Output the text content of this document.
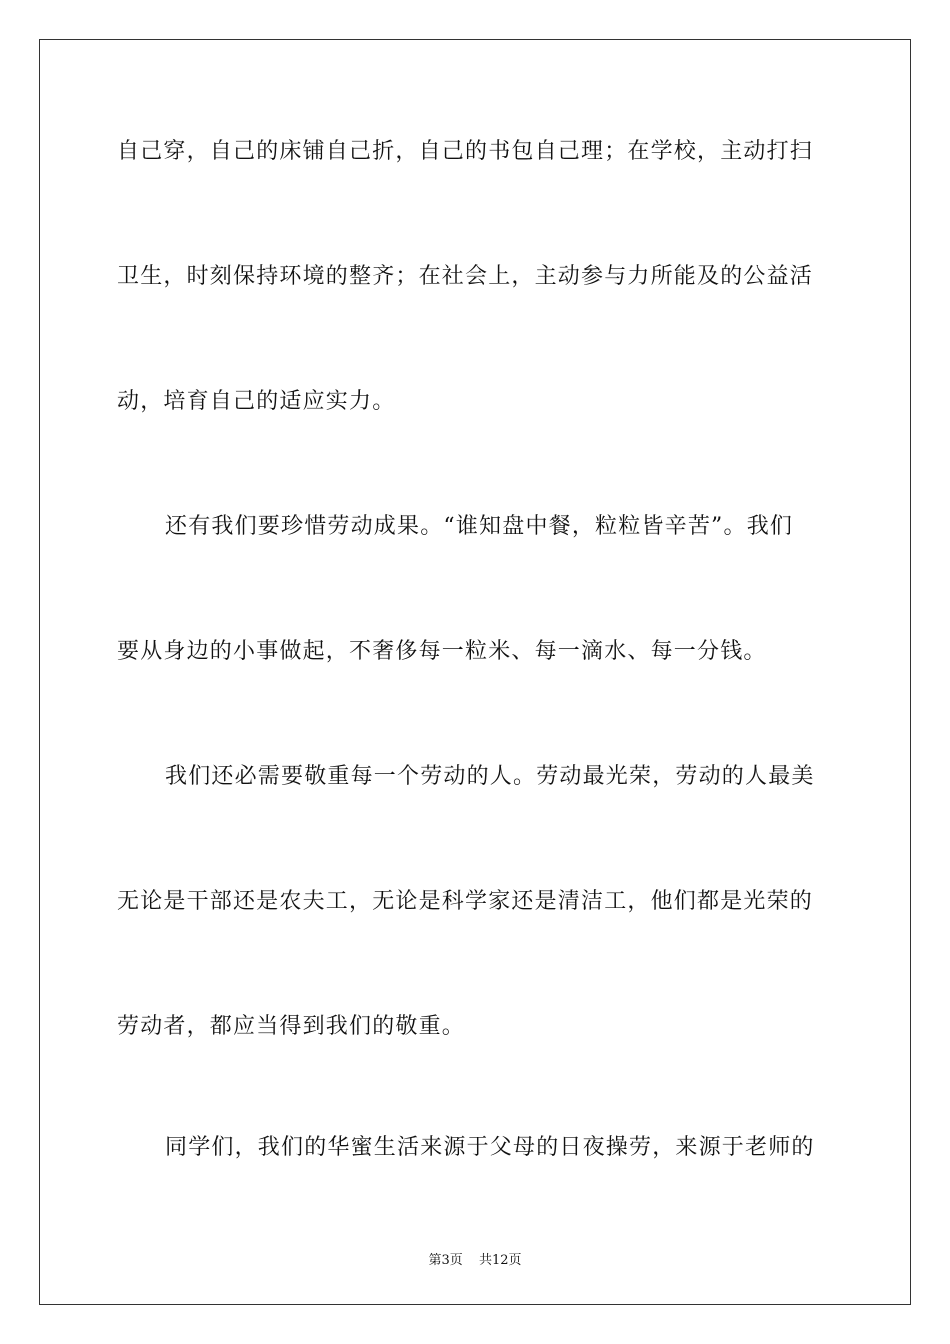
自己穿，自己的床铺自己折，自己的书包自己理；在学校，主动打扫
卫生，时刻保持环境的整齐；在社会上，主动参与力所能及的公益活
动，培育自己的适应实力。
还有我们要珍惜劳动成果。“谁知盘中餐，粒粒皆辛苦”。我们
要从身边的小事做起，不奢侈每一粒米、每一滴水、每一分钱。
我们还必需要敬重每一个劳动的人。劳动最光荣，劳动的人最美
无论是干部还是农夫工，无论是科学家还是清洁工，他们都是光荣的
劳动者，都应当得到我们的敬重。
同学们，我们的华蜜生活来源于父母的日夜操劳，来源于老师的
第3页 共12页
